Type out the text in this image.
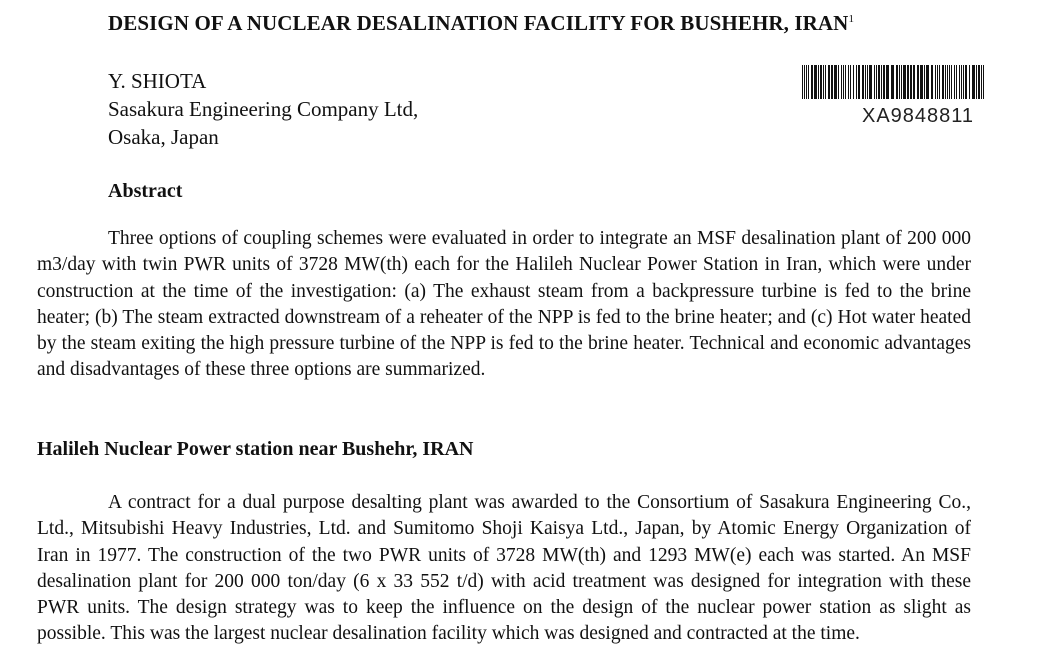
DESIGN OF A NUCLEAR DESALINATION FACILITY FOR BUSHEHR, IRAN$^1$
Y. SHIOTA
Sasakura Engineering Company Ltd,
Osaka, Japan
XA9848811
Abstract
Three options of coupling schemes were evaluated in order to integrate an MSF desalination plant of 200 000 m3/day with twin PWR units of 3728 MW(th) each for the Halileh Nuclear Power Station in Iran, which were under construction at the time of the investigation: (a) The exhaust steam from a backpressure turbine is fed to the brine heater; (b) The steam extracted downstream of a reheater of the NPP is fed to the brine heater; and (c) Hot water heated by the steam exiting the high pressure turbine of the NPP is fed to the brine heater. Technical and economic advantages and disadvantages of these three options are summarized.
Halileh Nuclear Power station near Bushehr, IRAN
A contract for a dual purpose desalting plant was awarded to the Consortium of Sasakura Engineering Co., Ltd., Mitsubishi Heavy Industries, Ltd. and Sumitomo Shoji Kaisya Ltd., Japan, by Atomic Energy Organization of Iran in 1977. The construction of the two PWR units of 3728 MW(th) and 1293 MW(e) each was started. An MSF desalination plant for 200 000 ton/day (6 x 33 552 t/d) with acid treatment was designed for integration with these PWR units. The design strategy was to keep the influence on the design of the nuclear power station as slight as possible. This was the largest nuclear desalination facility which was designed and contracted at the time.
